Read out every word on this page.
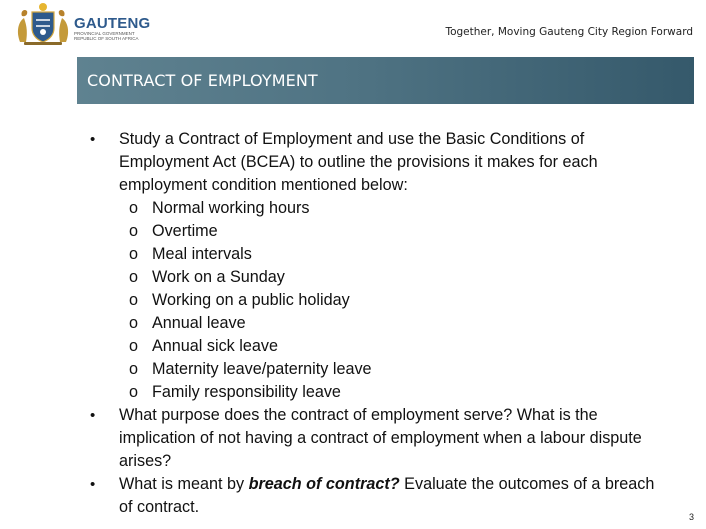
GAUTENG
PROVINCIAL GOVERNMENT
REPUBLIC OF SOUTH AFRICA
Together, Moving Gauteng City Region Forward
CONTRACT OF EMPLOYMENT
• Study a Contract of Employment and use the Basic Conditions of Employment Act (BCEA) to outline the provisions it makes for each employment condition mentioned below:
o Normal working hours
o Overtime
o Meal intervals
o Work on a Sunday
o Working on a public holiday
o Annual leave
o Annual sick leave
o Maternity leave/paternity leave
o Family responsibility leave
• What purpose does the contract of employment serve? What is the implication of not having a contract of employment when a labour dispute arises?
• What is meant by breach of contract? Evaluate the outcomes of a breach of contract.
3
